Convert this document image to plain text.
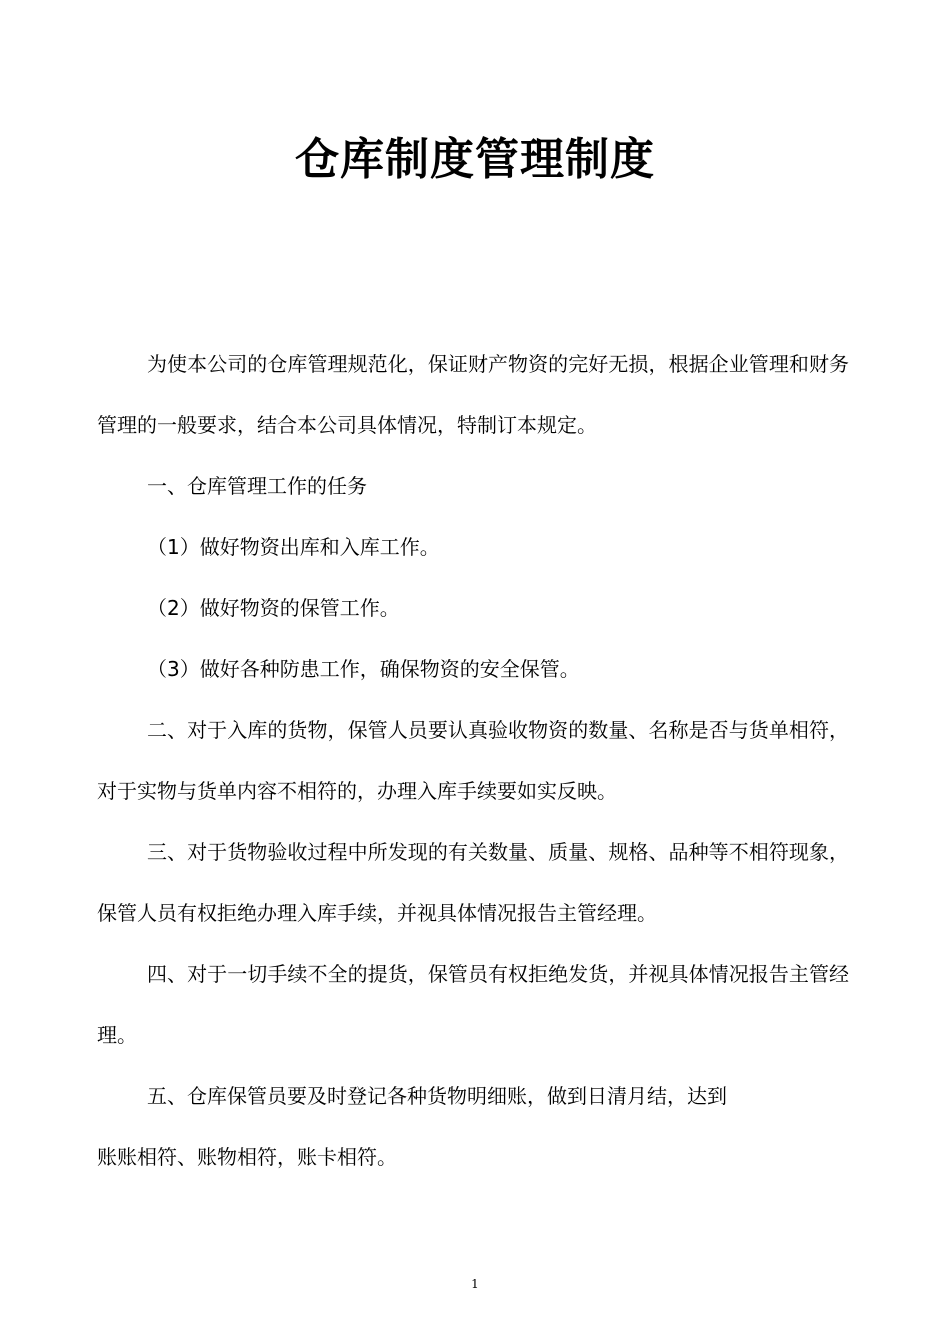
仓库制度管理制度

为使本公司的仓库管理规范化，保证财产物资的完好无损，根据企业管理和财务管理的一般要求，结合本公司具体情况，特制订本规定。

一、仓库管理工作的任务

（1）做好物资出库和入库工作。

（2）做好物资的保管工作。

（3）做好各种防患工作，确保物资的安全保管。

二、对于入库的货物，保管人员要认真验收物资的数量、名称是否与货单相符，对于实物与货单内容不相符的，办理入库手续要如实反映。

三、对于货物验收过程中所发现的有关数量、质量、规格、品种等不相符现象，保管人员有权拒绝办理入库手续，并视具体情况报告主管经理。

四、对于一切手续不全的提货，保管员有权拒绝发货，并视具体情况报告主管经理。

五、仓库保管员要及时登记各种货物明细账，做到日清月结，达到

账账相符、账物相符，账卡相符。

1
